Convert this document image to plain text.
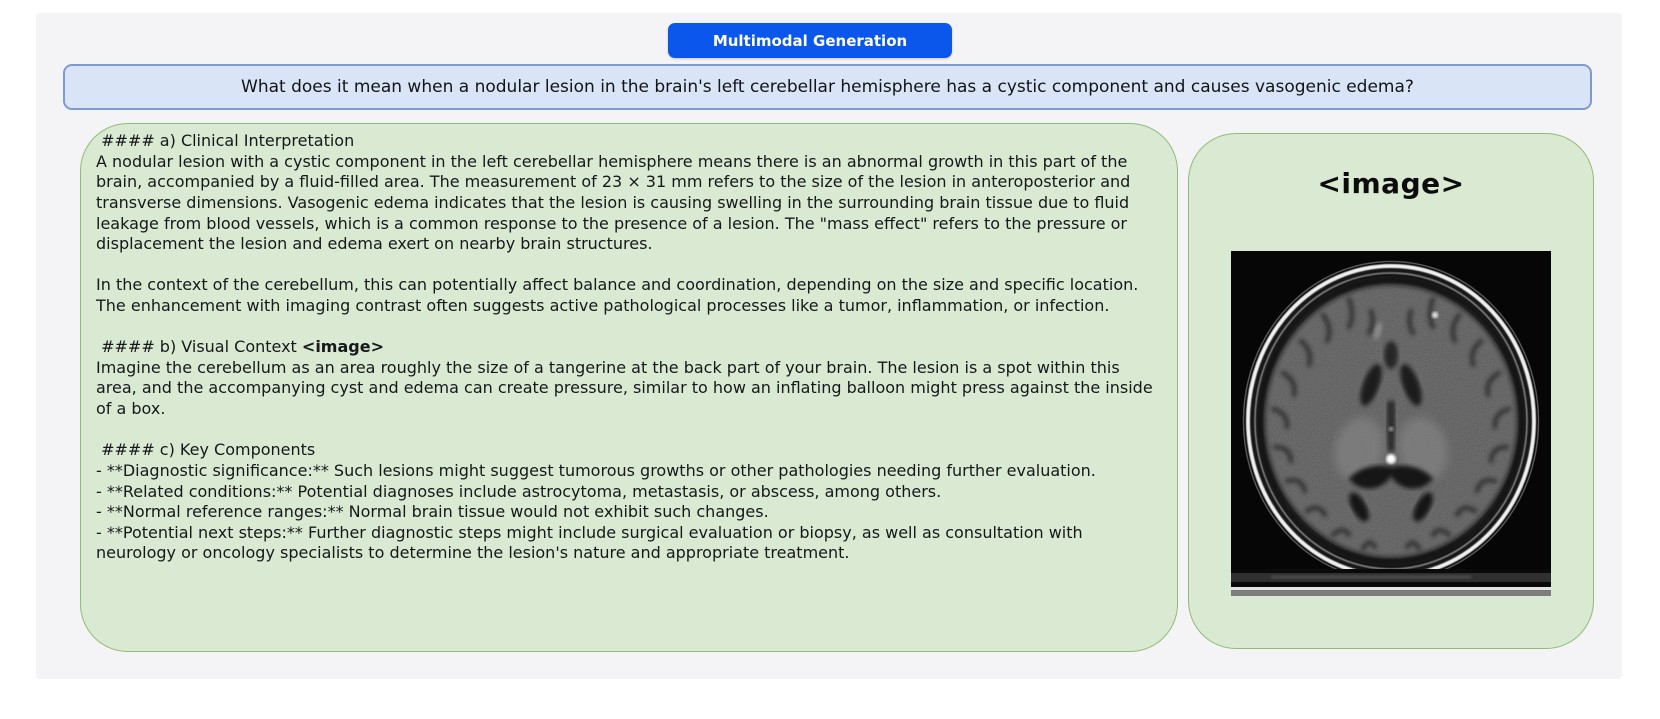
Multimodal Generation
What does it mean when a nodular lesion in the brain's left cerebellar hemisphere has a cystic component and causes vasogenic edema?
#### a) Clinical Interpretation
A nodular lesion with a cystic component in the left cerebellar hemisphere means there is an abnormal growth in this part of the brain, accompanied by a fluid-filled area. The measurement of 23 × 31 mm refers to the size of the lesion in anteroposterior and transverse dimensions. Vasogenic edema indicates that the lesion is causing swelling in the surrounding brain tissue due to fluid leakage from blood vessels, which is a common response to the presence of a lesion. The "mass effect" refers to the pressure or displacement the lesion and edema exert on nearby brain structures.
In the context of the cerebellum, this can potentially affect balance and coordination, depending on the size and specific location. The enhancement with imaging contrast often suggests active pathological processes like a tumor, inflammation, or infection.
#### b) Visual Context <image>
Imagine the cerebellum as an area roughly the size of a tangerine at the back part of your brain. The lesion is a spot within this area, and the accompanying cyst and edema can create pressure, similar to how an inflating balloon might press against the inside of a box.
#### c) Key Components
- **Diagnostic significance:** Such lesions might suggest tumorous growths or other pathologies needing further evaluation.
- **Related conditions:** Potential diagnoses include astrocytoma, metastasis, or abscess, among others.
- **Normal reference ranges:** Normal brain tissue would not exhibit such changes.
- **Potential next steps:** Further diagnostic steps might include surgical evaluation or biopsy, as well as consultation with neurology or oncology specialists to determine the lesion's nature and appropriate treatment.
<image>
